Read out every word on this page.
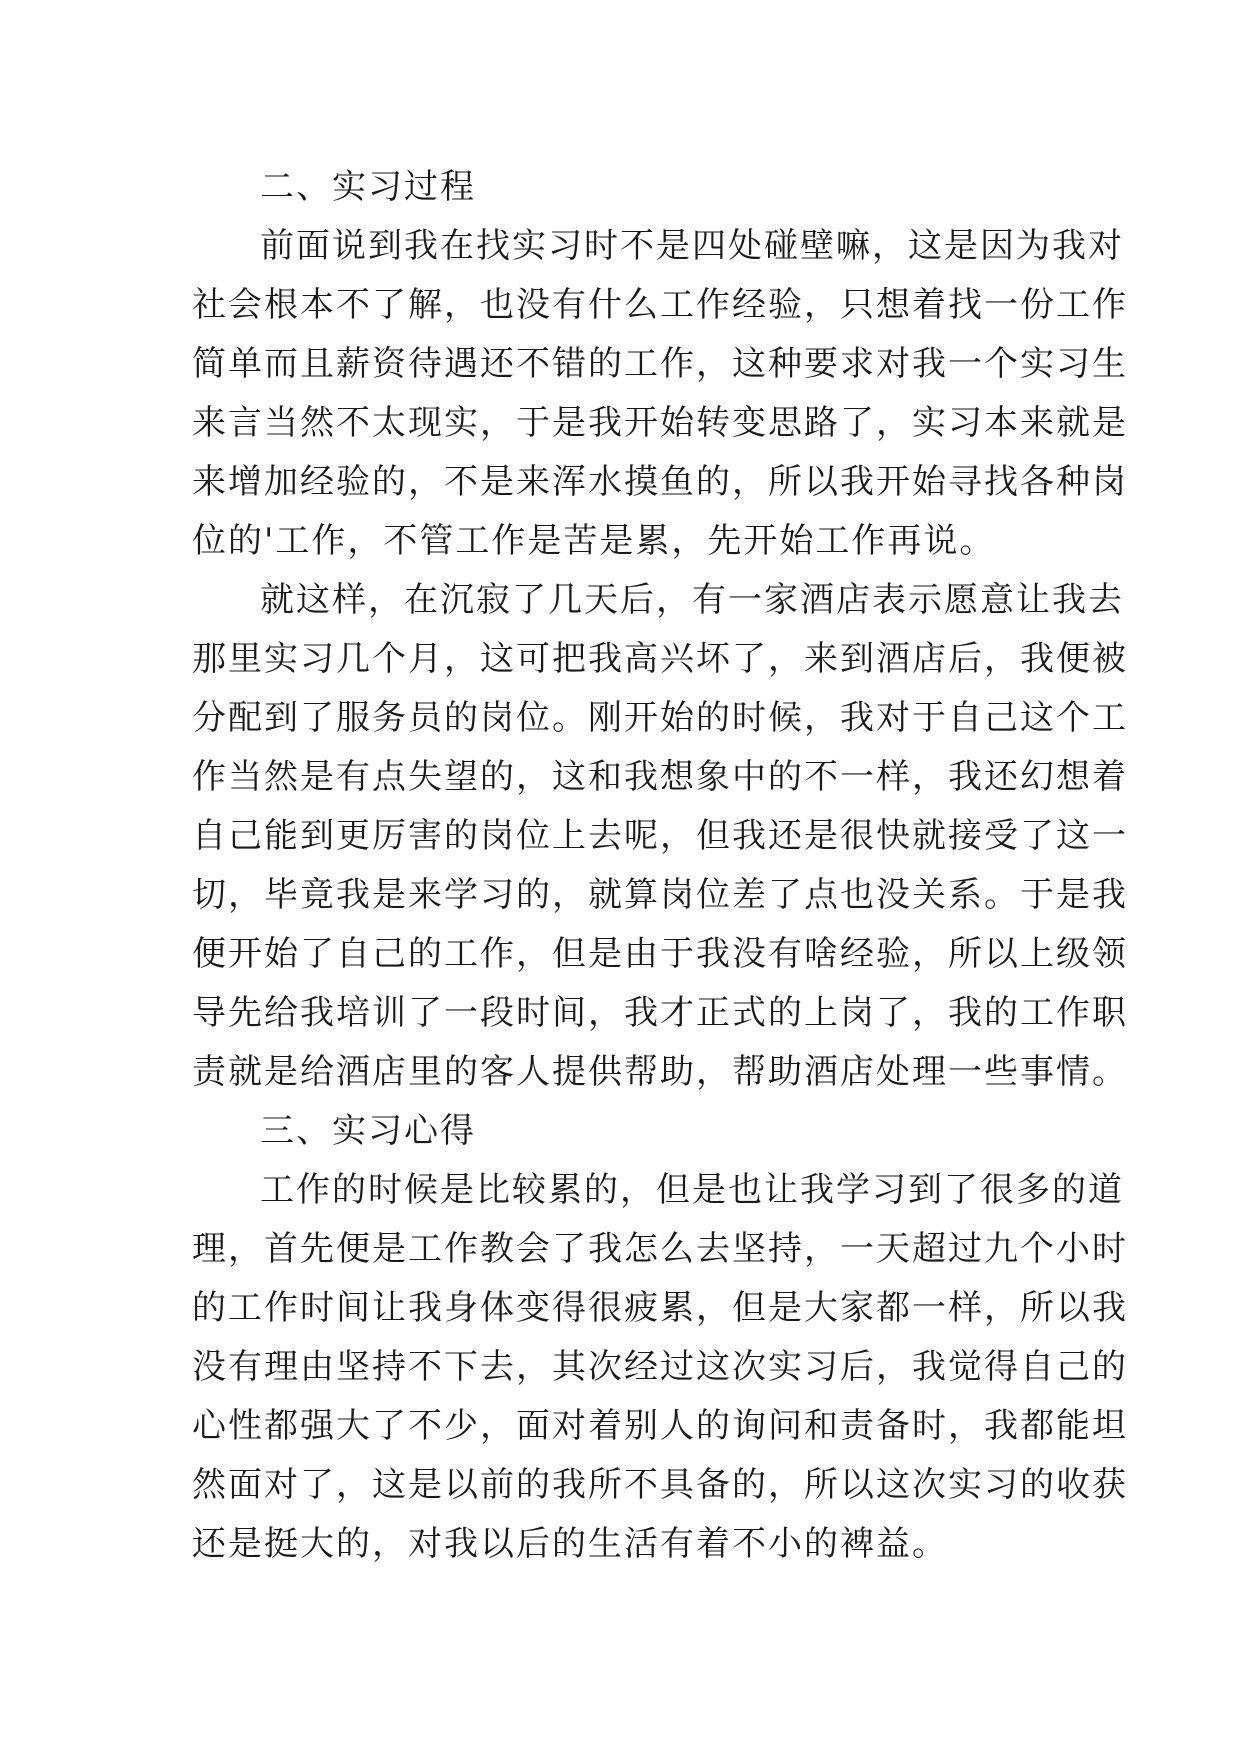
二、实习过程
前面说到我在找实习时不是四处碰壁嘛，这是因为我对
社会根本不了解，也没有什么工作经验，只想着找一份工作
简单而且薪资待遇还不错的工作，这种要求对我一个实习生
来言当然不太现实，于是我开始转变思路了，实习本来就是
来增加经验的，不是来浑水摸鱼的，所以我开始寻找各种岗
位的'工作，不管工作是苦是累，先开始工作再说。
就这样，在沉寂了几天后，有一家酒店表示愿意让我去
那里实习几个月，这可把我高兴坏了，来到酒店后，我便被
分配到了服务员的岗位。刚开始的时候，我对于自己这个工
作当然是有点失望的，这和我想象中的不一样，我还幻想着
自己能到更厉害的岗位上去呢，但我还是很快就接受了这一
切，毕竟我是来学习的，就算岗位差了点也没关系。于是我
便开始了自己的工作，但是由于我没有啥经验，所以上级领
导先给我培训了一段时间，我才正式的上岗了，我的工作职
责就是给酒店里的客人提供帮助，帮助酒店处理一些事情。
三、实习心得
工作的时候是比较累的，但是也让我学习到了很多的道
理，首先便是工作教会了我怎么去坚持，一天超过九个小时
的工作时间让我身体变得很疲累，但是大家都一样，所以我
没有理由坚持不下去，其次经过这次实习后，我觉得自己的
心性都强大了不少，面对着别人的询问和责备时，我都能坦
然面对了，这是以前的我所不具备的，所以这次实习的收获
还是挺大的，对我以后的生活有着不小的裨益。
